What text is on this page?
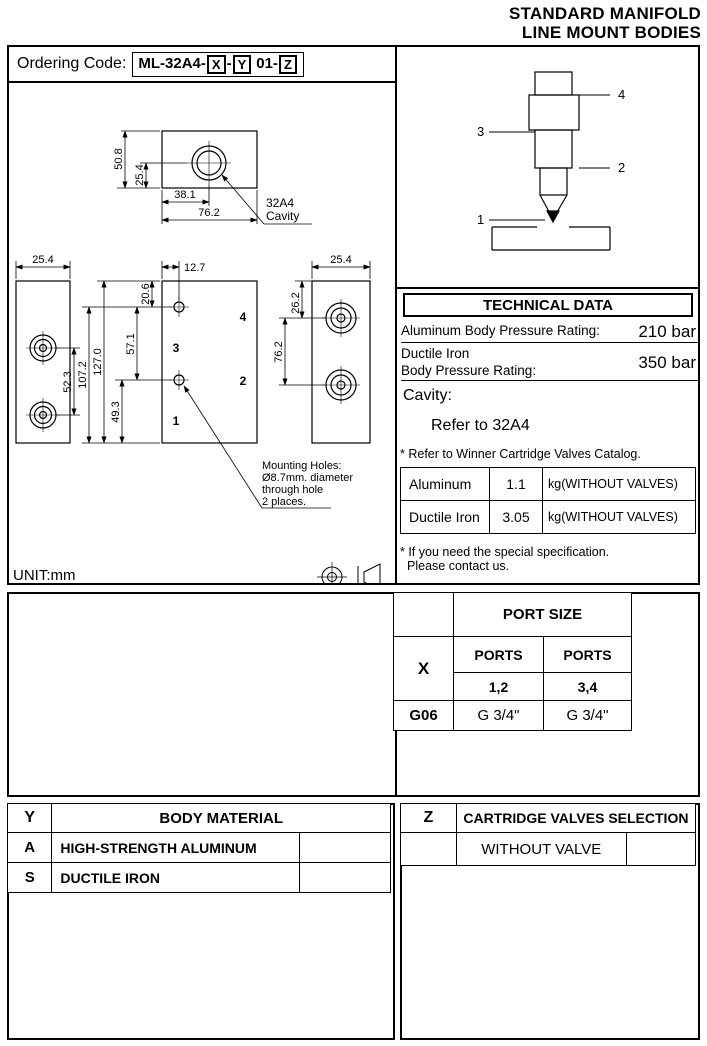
STANDARD MANIFOLD
LINE MOUNT BODIES
Ordering Code: ML-32A4- X - Y 01- Z
50.8
25.4
38.1
76.2
25.4
12.7
25.4
52.3 107.2 127.0
49.3
57.1
20.6	26.2
76.2
4
3
2
1
32A4
Cavity
Mounting Holes:
Ø8.7mm. diameter
through hole
2 places.
UNIT:mm
4
3
2
1
TECHNICAL DATA
Aluminum Body Pressure Rating: 210 bar
Ductile Iron
Body Pressure Rating:	350 bar
Cavity:
Refer to 32A4
* Refer to Winner Cartridge Valves Catalog.
Aluminum	1.1	kg(WITHOUT VALVES)
Ductile Iron	3.05	kg(WITHOUT VALVES)
* If you need the special specification.
Please contact us.
	PORT SIZE	
X	PORTS	PORTS
	1,2	3,4
G06	G 3/4"	G 3/4"
Y	BODY MATERIAL	
A	HIGH-STRENGTH ALUMINUM	
S	DUCTILE IRON	
Z	CARTRIDGE VALVES SELECTION	
	WITHOUT VALVE	
